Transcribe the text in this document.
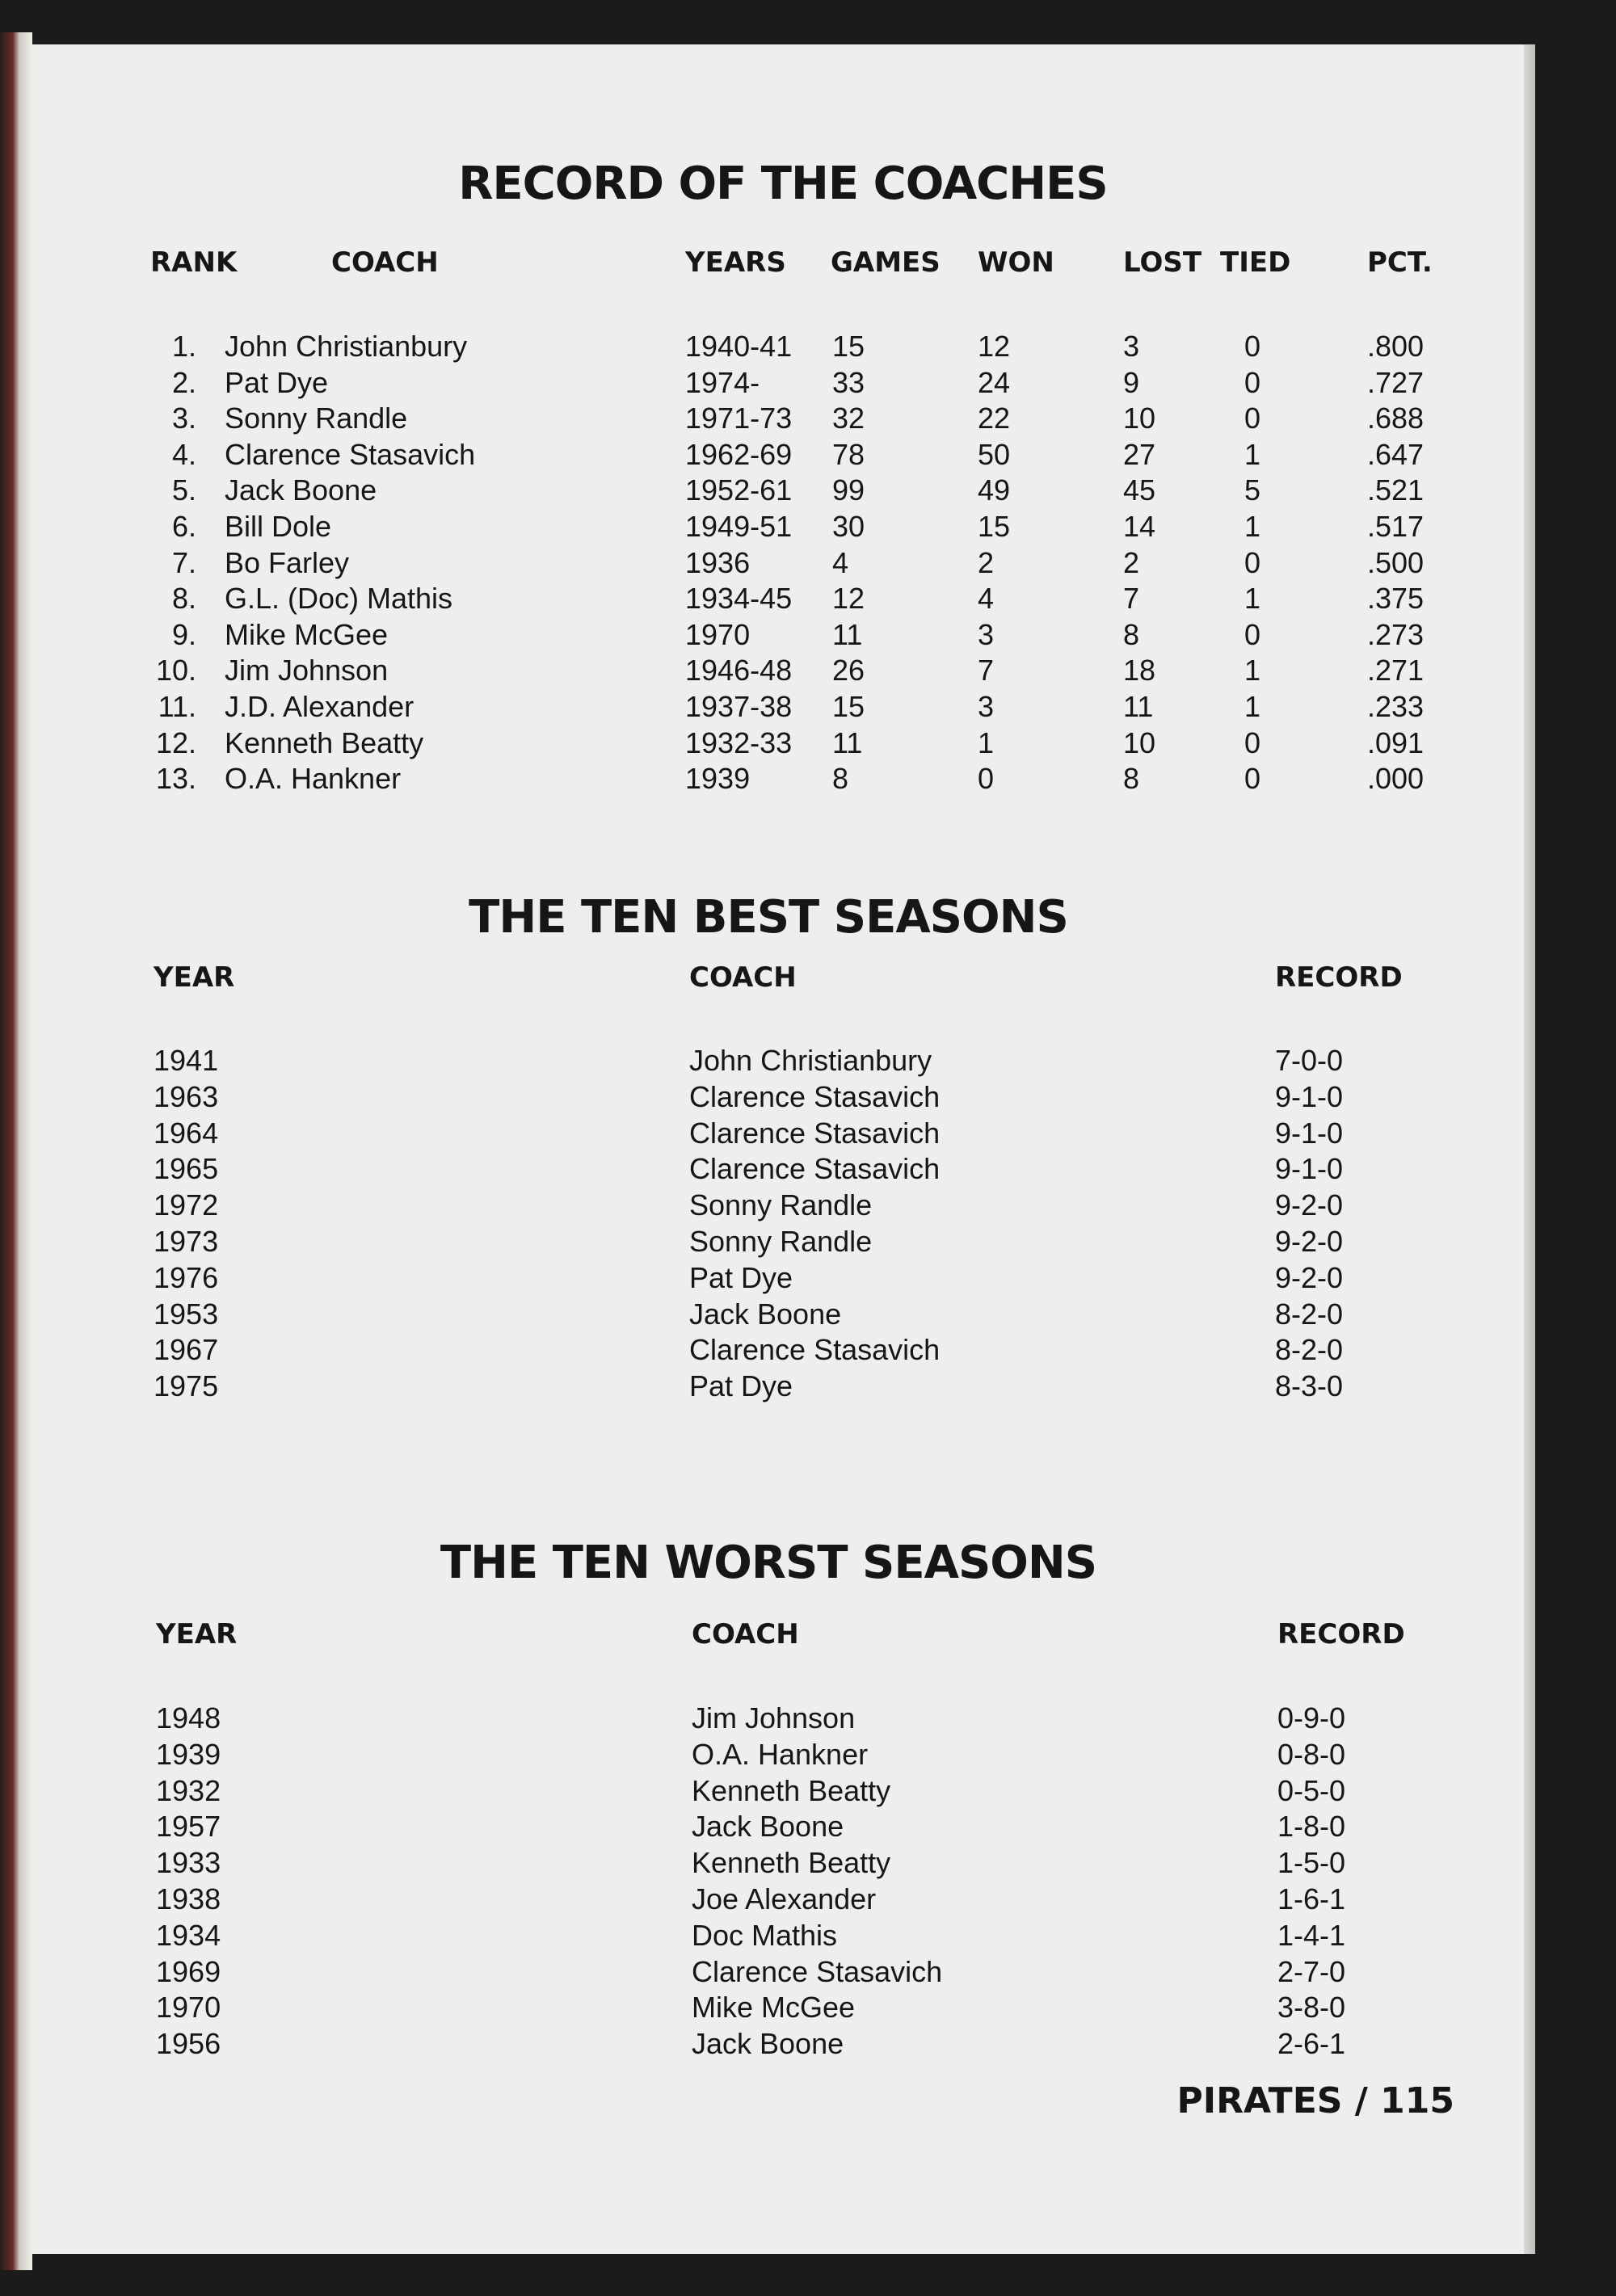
RECORD OF THE COACHES
RANK	COACH	YEARS GAMES WON	LOST TIED	PCT.
1. John Christianbury	1940-41 15	12	3	0	.800
2. Pat Dye	1974- 33	24	9	0	.727
3. Sonny Randle	1971-73 32	22	10	0	.688
4. Clarence Stasavich	1962-69 78	50	27	1	.647
5. Jack Boone	1952-61 99	49	45	5	.521
6. Bill Dole	1949-51 30	15	14	1	.517
7. Bo Farley	1936	4	2	2	0	.500
8. G.L. (Doc) Mathis	1934-45 12	4	7	1	.375
9. Mike McGee	1970	11	3	8	0	.273
10. Jim Johnson	1946-48 26	7	18	1	.271
11. J.D. Alexander	1937-38 15	3	11	1	.233
12. Kenneth Beatty	1932-33 11	1	10	0	.091
13. O.A. Hankner	1939	8	0	8	0	.000
THE TEN BEST SEASONS
YEAR	COACH	RECORD
1941	John Christianbury	7-0-0
1963	Clarence Stasavich	9-1-0
1964	Clarence Stasavich	9-1-0
1965	Clarence Stasavich	9-1-0
1972	Sonny Randle	9-2-0
1973	Sonny Randle	9-2-0
1976	Pat Dye	9-2-0
1953	Jack Boone	8-2-0
1967	Clarence Stasavich	8-2-0
1975	Pat Dye	8-3-0
THE TEN WORST SEASONS
YEAR	COACH	RECORD
1948	Jim Johnson	0-9-0
1939	O.A. Hankner	0-8-0
1932	Kenneth Beatty	0-5-0
1957	Jack Boone	1-8-0
1933	Kenneth Beatty	1-5-0
1938	Joe Alexander	1-6-1
1934	Doc Mathis	1-4-1
1969	Clarence Stasavich	2-7-0
1970	Mike McGee	3-8-0
1956	Jack Boone	2-6-1
PIRATES / 115
